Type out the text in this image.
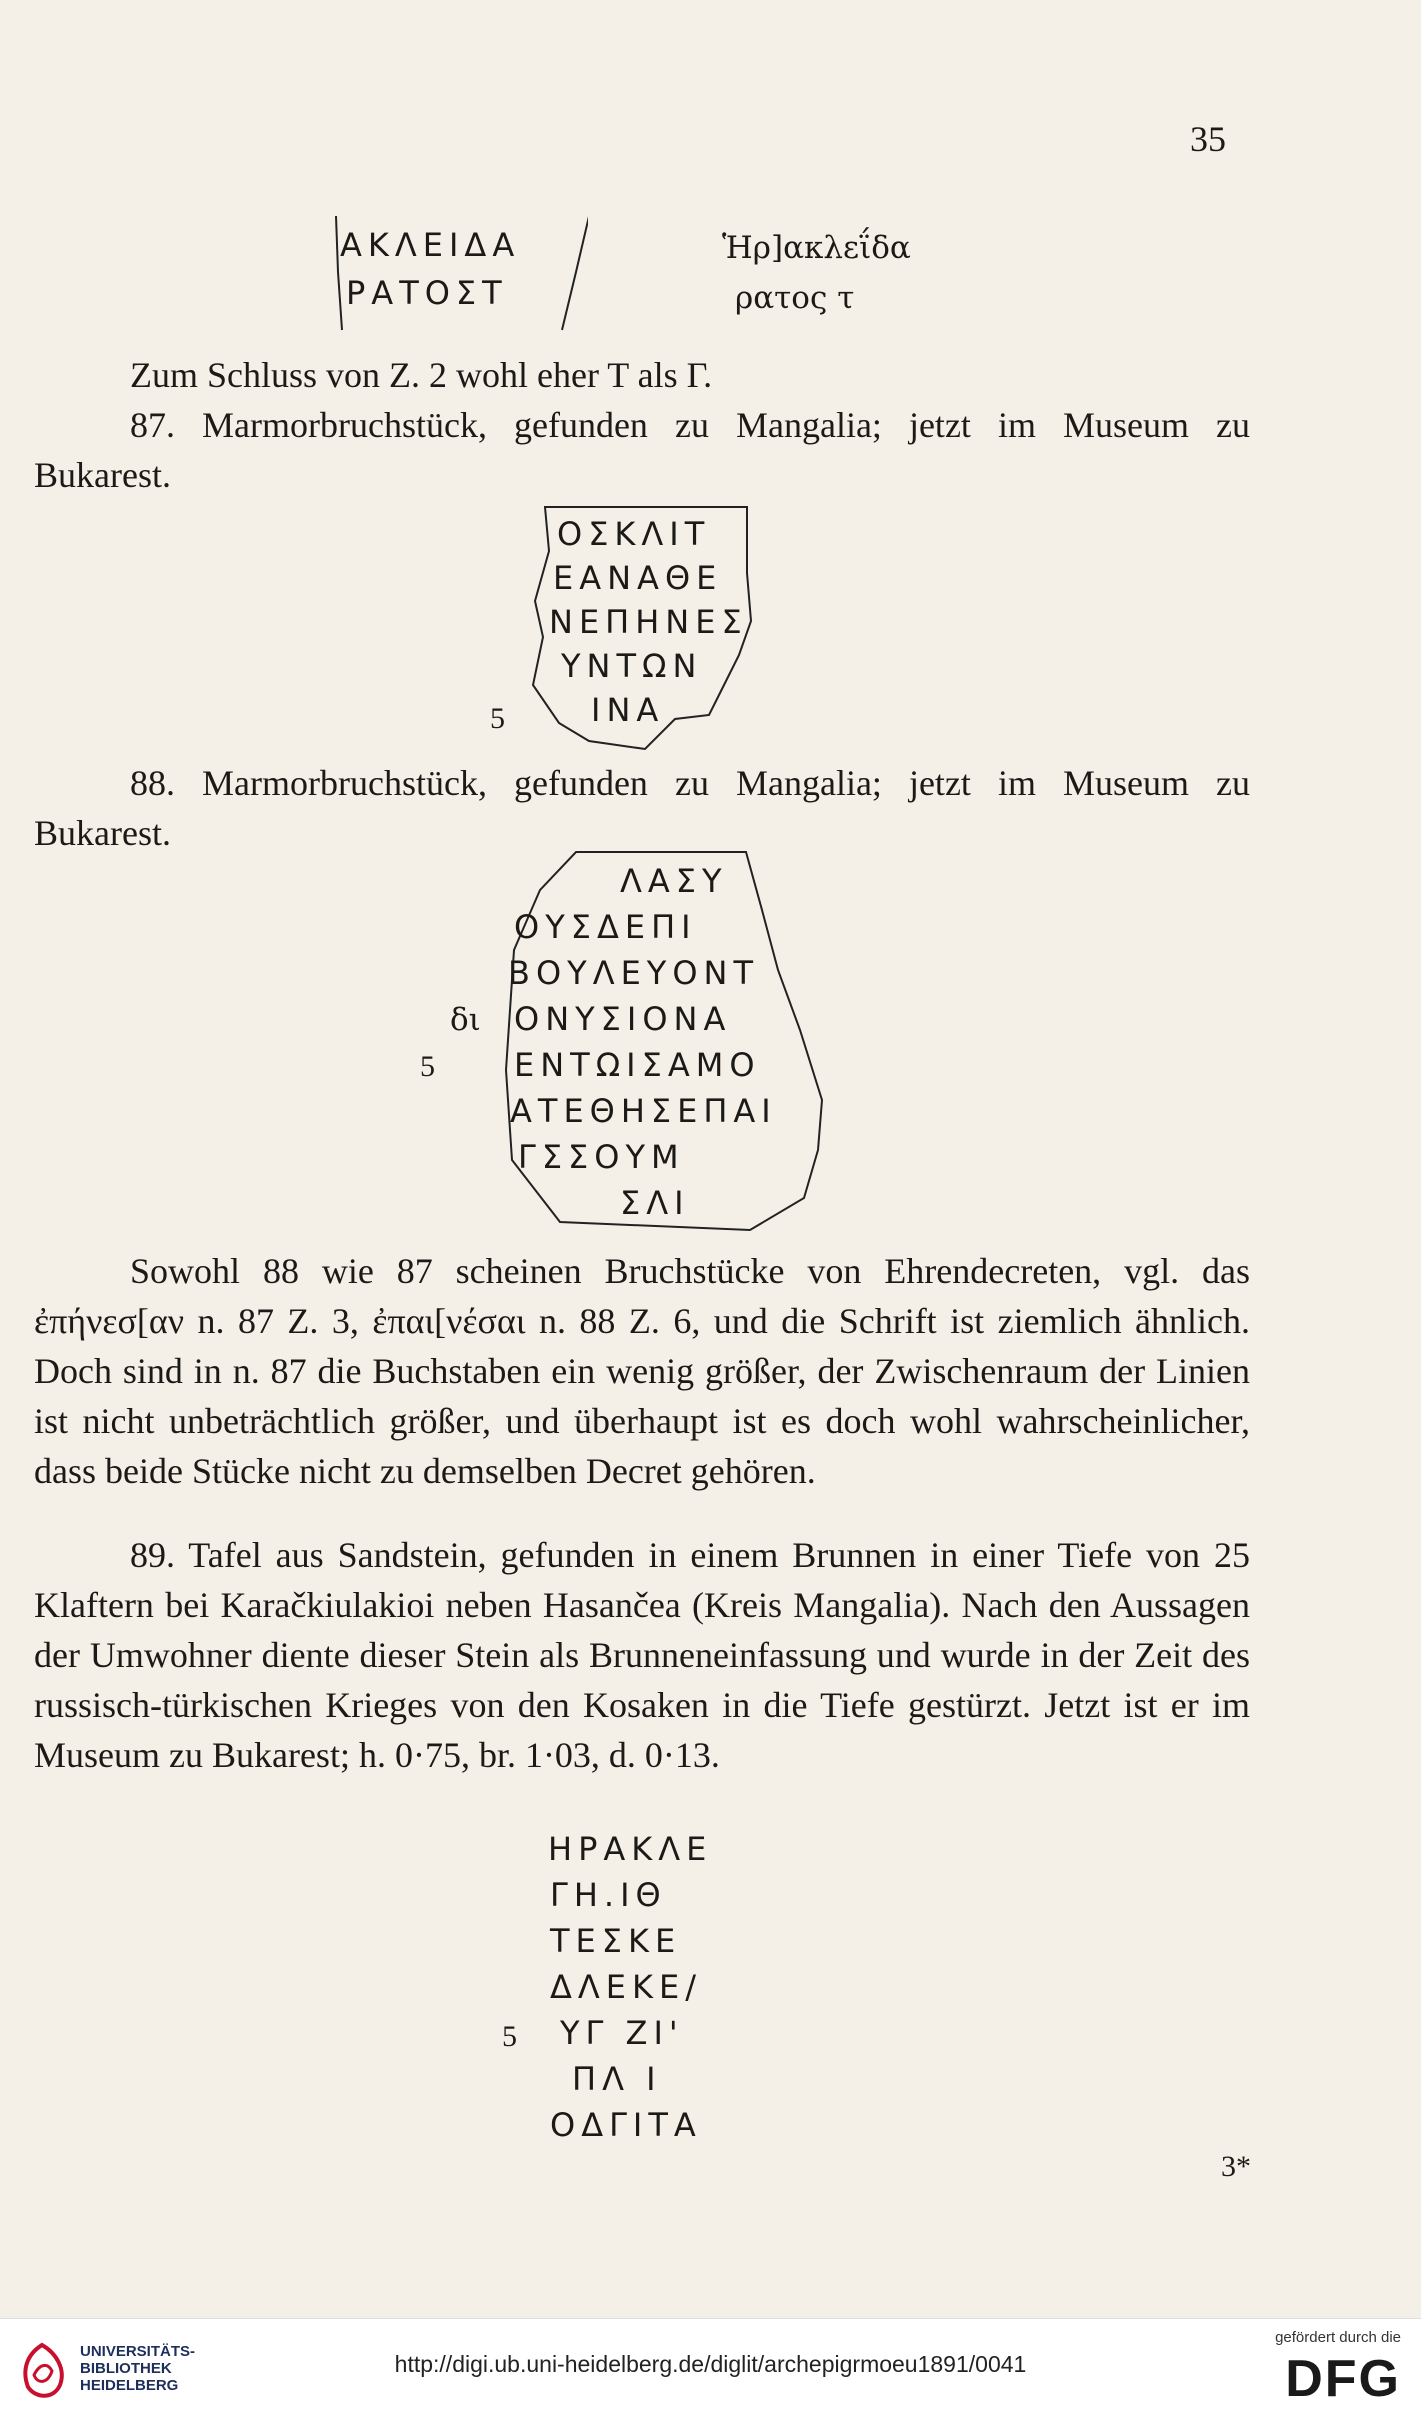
35
ΑΚΛΕΙΔΑ
ΡΑΤΟΣΤ
Ἡρ]ακλεΐδα
ρατος τ
Zum Schluss von Z. 2 wohl eher T als Γ.
87. Marmorbruchstück, gefunden zu Mangalia; jetzt im Museum zu Bukarest.
ΟΣΚΛΙΤ
ΕΑΝΑΘΕ
ΝΕΠΗΝΕΣ
ΥΝΤΩΝ
ΙΝΑ
5
88. Marmorbruchstück, gefunden zu Mangalia; jetzt im Museum zu Bukarest.
ΛΑΣΥ
ΟΥΣΔΕΠΙ
ΒΟΥΛΕΥΟΝΤ
ΟΝΥΣΙΟΝΑ
ΕΝΤΩΙΣΑΜΟ
ΑΤΕΘΗΣΕΠΑΙ
ΓΣΣΟΥΜ
ΣΛΙ
δι
5
Sowohl 88 wie 87 scheinen Bruchstücke von Ehrendecreten, vgl. das ἐπήνεσ[αν n. 87 Z. 3, ἐπαι[νέσαι n. 88 Z. 6, und die Schrift ist ziemlich ähnlich. Doch sind in n. 87 die Buchstaben ein wenig größer, der Zwischenraum der Linien ist nicht unbeträchtlich größer, und überhaupt ist es doch wohl wahrscheinlicher, dass beide Stücke nicht zu demselben Decret gehören.
89. Tafel aus Sandstein, gefunden in einem Brunnen in einer Tiefe von 25 Klaftern bei Karačkiulakioi neben Hasančea (Kreis Mangalia). Nach den Aussagen der Umwohner diente dieser Stein als Brunneneinfassung und wurde in der Zeit des russisch-türkischen Krieges von den Kosaken in die Tiefe gestürzt. Jetzt ist er im Museum zu Bukarest; h. 0·75, br. 1·03, d. 0·13.
ΗΡΑΚΛΕ
ΓΗ.ΙΘ
ΤΕΣΚΕ
ΔΛΕΚΕ/
ΥΓ ΖΙ'
ΠΛ Ι
ΟΔΓΙΤΑ
5
3*
UNIVERSITÄTS-
BIBLIOTHEK
HEIDELBERG
http://digi.ub.uni-heidelberg.de/diglit/archepigrmoeu1891/0041
gefördert durch die
DFG
